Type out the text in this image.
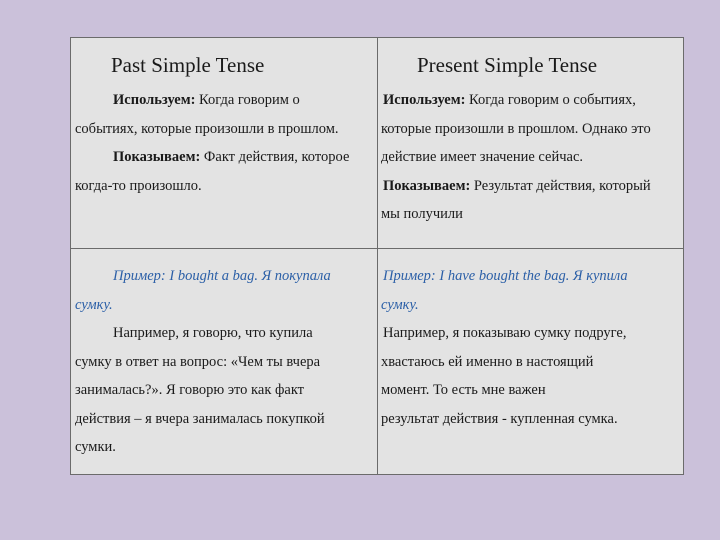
Past Simple Tense	Present Simple Tense

Используем: Когда говорим о

событиях, которые произошли в прошлом.

Показываем: Факт действия, которое

когда-то произошло.

Используем: Когда говорим о событиях,

которые произошли в прошлом. Однако это

действие имеет значение сейчас.

Показываем: Результат действия, который

мы получили

Пример: I bought a bag. Я покупала

сумку.

Например, я говорю, что купила

сумку в ответ на вопрос: «Чем ты вчера

занималась?». Я говорю это как факт

действия – я вчера занималась покупкой

сумки.

Пример: I have bought the bag. Я купила

сумку.

Например, я показываю сумку подруге,

хвастаюсь ей именно в настоящий

момент. То есть мне важен

результат действия - купленная сумка.
